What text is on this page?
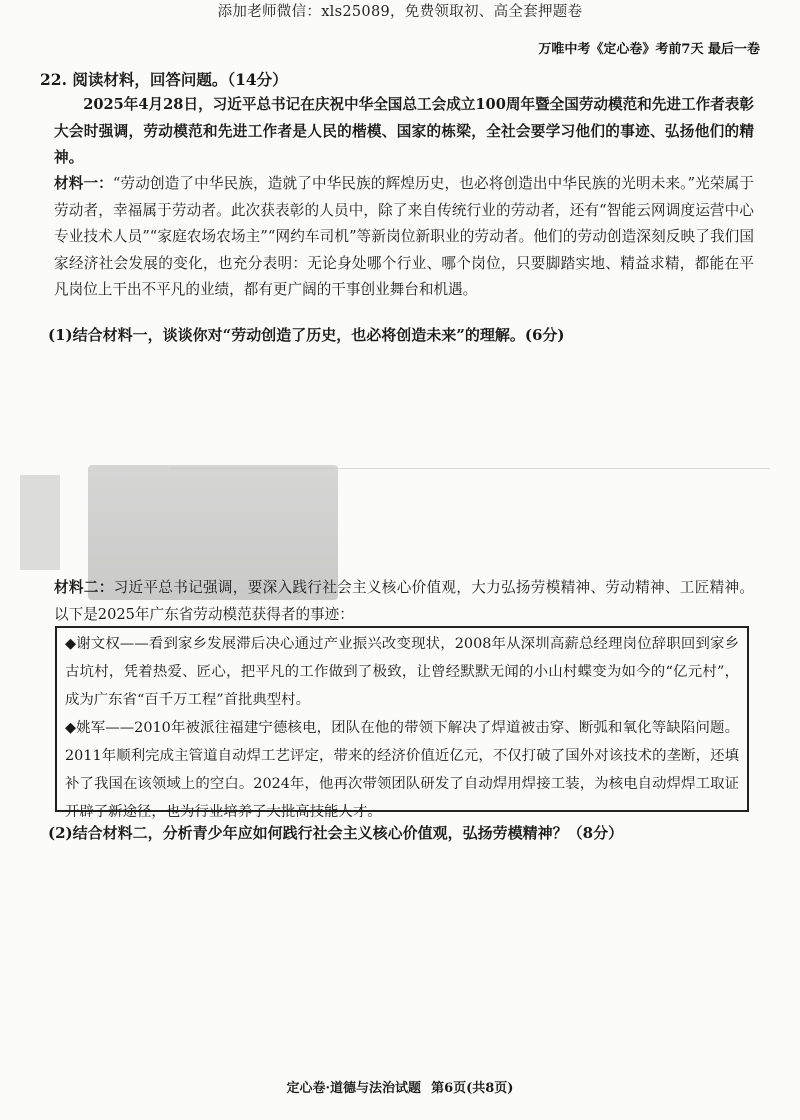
添加老师微信：xls25089，免费领取初、高全套押题卷
万唯中考《定心卷》考前7天 最后一卷
22. 阅读材料，回答问题。（14分）
2025年4月28日，习近平总书记在庆祝中华全国总工会成立100周年暨全国劳动模范和先进工作者表彰大会时强调，劳动模范和先进工作者是人民的楷模、国家的栋梁，全社会要学习他们的事迹、弘扬他们的精神。
材料一：“劳动创造了中华民族，造就了中华民族的辉煌历史，也必将创造出中华民族的光明未来。”光荣属于劳动者，幸福属于劳动者。此次获表彰的人员中，除了来自传统行业的劳动者，还有“智能云网调度运营中心专业技术人员”“家庭农场农场主”“网约车司机”等新岗位新职业的劳动者。他们的劳动创造深刻反映了我们国家经济社会发展的变化，也充分表明：无论身处哪个行业、哪个岗位，只要脚踏实地、精益求精，都能在平凡岗位上干出不平凡的业绩，都有更广阔的干事创业舞台和机遇。
(1)结合材料一，谈谈你对“劳动创造了历史，也必将创造未来”的理解。(6分)
材料二：习近平总书记强调，要深入践行社会主义核心价值观，大力弘扬劳模精神、劳动精神、工匠精神。以下是2025年广东省劳动模范获得者的事迹：
◆谢文权——看到家乡发展滞后决心通过产业振兴改变现状，2008年从深圳高薪总经理岗位辞职回到家乡古坑村，凭着热爱、匠心，把平凡的工作做到了极致，让曾经默默无闻的小山村蝶变为如今的“亿元村”，成为广东省“百千万工程”首批典型村。
◆姚军——2010年被派往福建宁德核电，团队在他的带领下解决了焊道被击穿、断弧和氧化等缺陷问题。2011年顺利完成主管道自动焊工艺评定，带来的经济价值近亿元，不仅打破了国外对该技术的垄断，还填补了我国在该领域上的空白。2024年，他再次带领团队研发了自动焊用焊接工装，为核电自动焊焊工取证开辟了新途径，也为行业培养了大批高技能人才。
(2)结合材料二，分析青少年应如何践行社会主义核心价值观，弘扬劳模精神？（8分）
定心卷·道德与法治试题 第6页(共8页)
